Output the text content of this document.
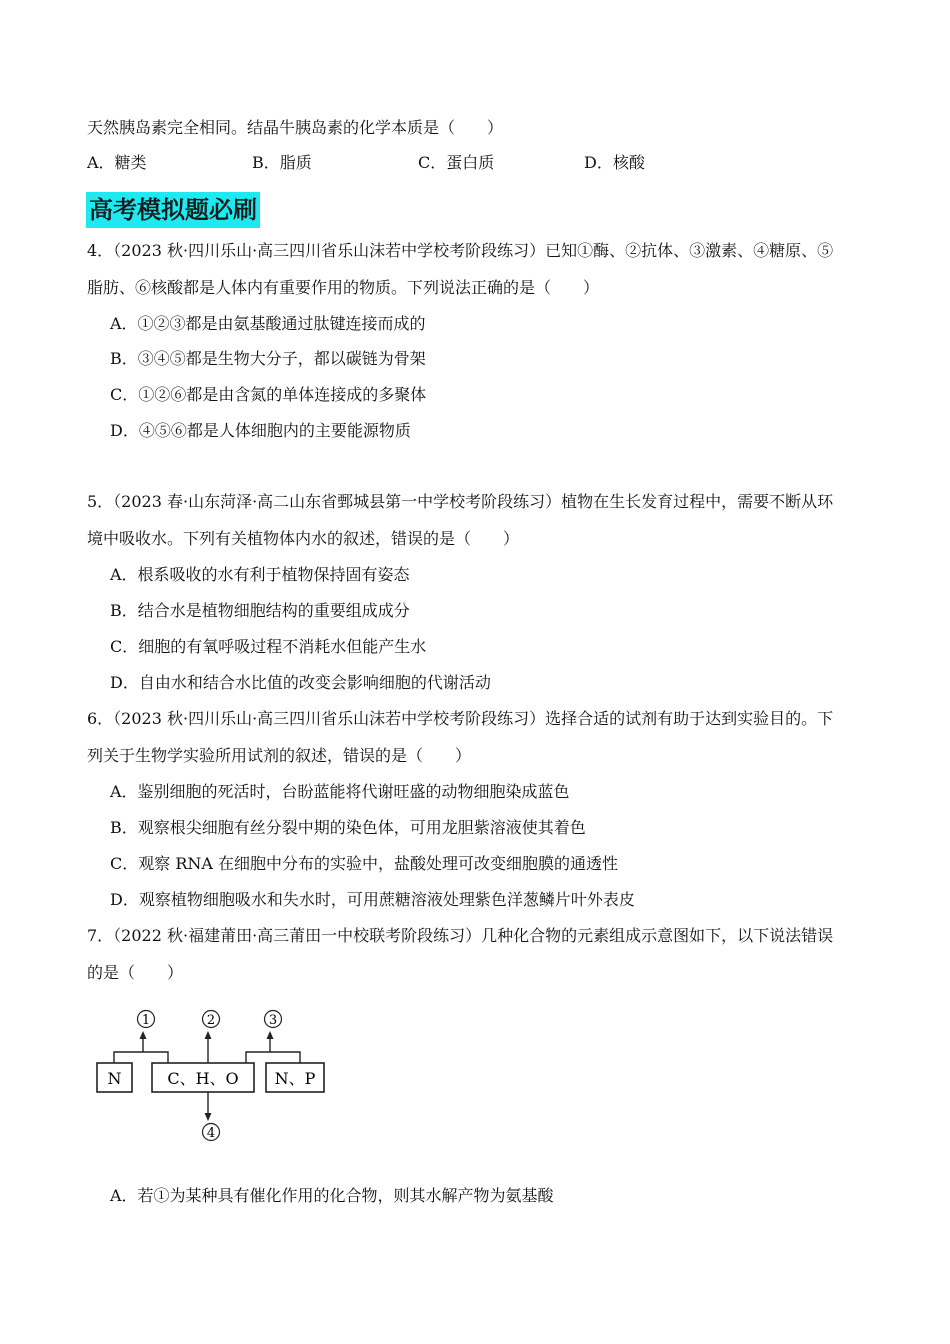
天然胰岛素完全相同。结晶牛胰岛素的化学本质是（　　）
A．糖类	B．脂质	C．蛋白质	D．核酸
高考模拟题必刷
4．（2023 秋·四川乐山·高三四川省乐山沫若中学校考阶段练习）已知①酶、②抗体、③激素、④糖原、⑤
脂肪、⑥核酸都是人体内有重要作用的物质。下列说法正确的是（　　）
A．①②③都是由氨基酸通过肽键连接而成的
B．③④⑤都是生物大分子，都以碳链为骨架
C．①②⑥都是由含氮的单体连接成的多聚体
D．④⑤⑥都是人体细胞内的主要能源物质
5．（2023 春·山东菏泽·高二山东省鄄城县第一中学校考阶段练习）植物在生长发育过程中，需要不断从环
境中吸收水。下列有关植物体内水的叙述，错误的是（　　）
A．根系吸收的水有利于植物保持固有姿态
B．结合水是植物细胞结构的重要组成成分
C．细胞的有氧呼吸过程不消耗水但能产生水
D．自由水和结合水比值的改变会影响细胞的代谢活动
6．（2023 秋·四川乐山·高三四川省乐山沫若中学校考阶段练习）选择合适的试剂有助于达到实验目的。下
列关于生物学实验所用试剂的叙述，错误的是（　　）
A．鉴别细胞的死活时，台盼蓝能将代谢旺盛的动物细胞染成蓝色
B．观察根尖细胞有丝分裂中期的染色体，可用龙胆紫溶液使其着色
C．观察 RNA 在细胞中分布的实验中，盐酸处理可改变细胞膜的通透性
D．观察植物细胞吸水和失水时，可用蔗糖溶液处理紫色洋葱鳞片叶外表皮
7．（2022 秋·福建莆田·高三莆田一中校联考阶段练习）几种化合物的元素组成示意图如下，以下说法错误
的是（　　）
N	C、H、O N、P
1	2	3
4
A．若①为某种具有催化作用的化合物，则其水解产物为氨基酸
